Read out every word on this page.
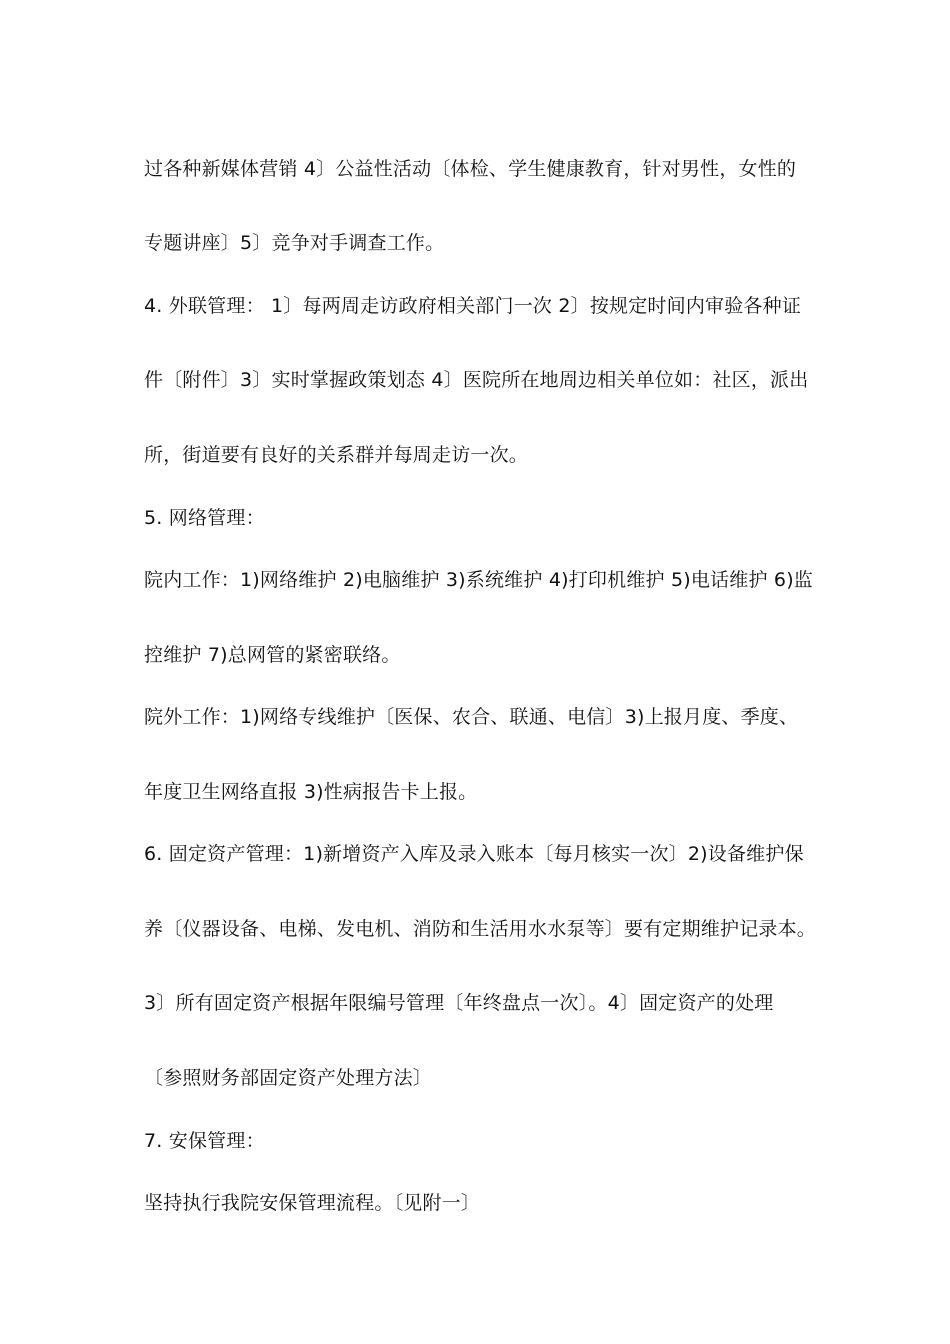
过各种新媒体营销 4〕公益性活动〔体检、学生健康教育，针对男性，女性的

专题讲座〕5〕竞争对手调查工作。

4. 外联管理： 1〕每两周走访政府相关部门一次 2〕按规定时间内审验各种证

件〔附件〕3〕实时掌握政策划态 4〕医院所在地周边相关单位如：社区，派出

所，街道要有良好的关系群并每周走访一次。

5. 网络管理：

院内工作：1)网络维护 2)电脑维护 3)系统维护 4)打印机维护 5)电话维护 6)监

控维护 7)总网管的紧密联络。

院外工作：1)网络专线维护〔医保、农合、联通、电信〕3)上报月度、季度、

年度卫生网络直报 3)性病报告卡上报。

6. 固定资产管理：1)新增资产入库及录入账本〔每月核实一次〕2)设备维护保

养〔仪器设备、电梯、发电机、消防和生活用水水泵等〕要有定期维护记录本。

3〕所有固定资产根据年限编号管理〔年终盘点一次〕。4〕固定资产的处理

〔参照财务部固定资产处理方法〕

7. 安保管理：

坚持执行我院安保管理流程。〔见附一〕
